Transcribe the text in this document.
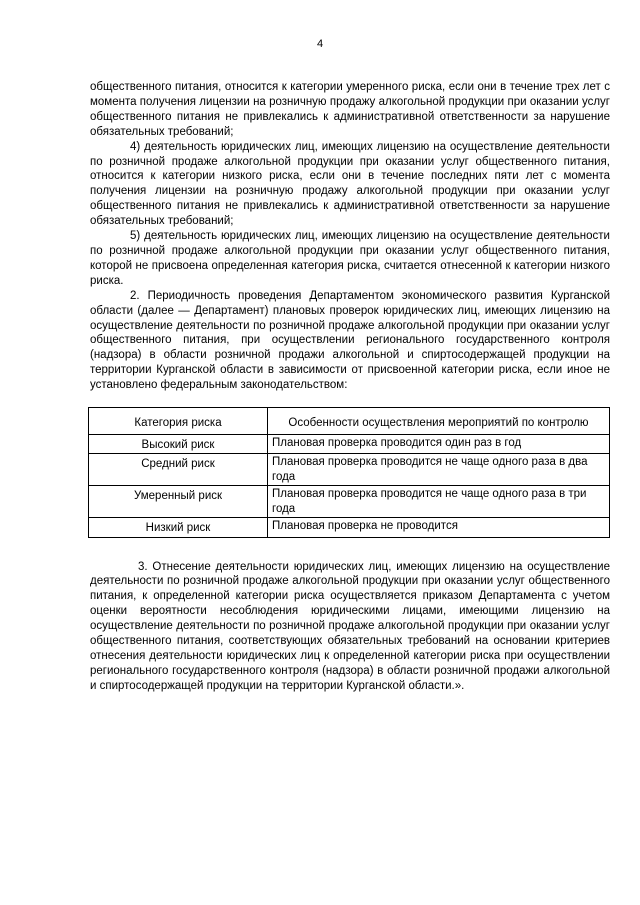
4

общественного питания, относится к категории умеренного риска, если они в течение трех лет с момента получения лицензии на розничную продажу алкогольной продукции при оказании услуг общественного питания не привлекались к административной ответственности за нарушение обязательных требований;

4) деятельность юридических лиц, имеющих лицензию на осуществление деятельности по розничной продаже алкогольной продукции при оказании услуг общественного питания, относится к категории низкого риска, если они в течение последних пяти лет с момента получения лицензии на розничную продажу алкогольной продукции при оказании услуг общественного питания не привлекались к административной ответственности за нарушение обязательных требований;

5) деятельность юридических лиц, имеющих лицензию на осуществление деятельности по розничной продаже алкогольной продукции при оказании услуг общественного питания, которой не присвоена определенная категория риска, считается отнесенной к категории низкого риска.

2. Периодичность проведения Департаментом экономического развития Курганской области (далее — Департамент) плановых проверок юридических лиц, имеющих лицензию на осуществление деятельности по розничной продаже алкогольной продукции при оказании услуг общественного питания, при осуществлении регионального государственного контроля (надзора) в области розничной продажи алкогольной и спиртосодержащей продукции на территории Курганской области в зависимости от присвоенной категории риска, если иное не установлено федеральным законодательством:

Категория риска	Особенности осуществления мероприятий по контролю
Высокий риск	Плановая проверка проводится один раз в год
Средний риск	Плановая проверка проводится не чаще одного раза в два года
Умеренный риск	Плановая проверка проводится не чаще одного раза в три года
Низкий риск	Плановая проверка не проводится

3. Отнесение деятельности юридических лиц, имеющих лицензию на осуществление деятельности по розничной продаже алкогольной продукции при оказании услуг общественного питания, к определенной категории риска осуществляется приказом Департамента с учетом оценки вероятности несоблюдения юридическими лицами, имеющими лицензию на осуществление деятельности по розничной продаже алкогольной продукции при оказании услуг общественного питания, соответствующих обязательных требований на основании критериев отнесения деятельности юридических лиц к определенной категории риска при осуществлении регионального государственного контроля (надзора) в области розничной продажи алкогольной и спиртосодержащей продукции на территории Курганской области.».
